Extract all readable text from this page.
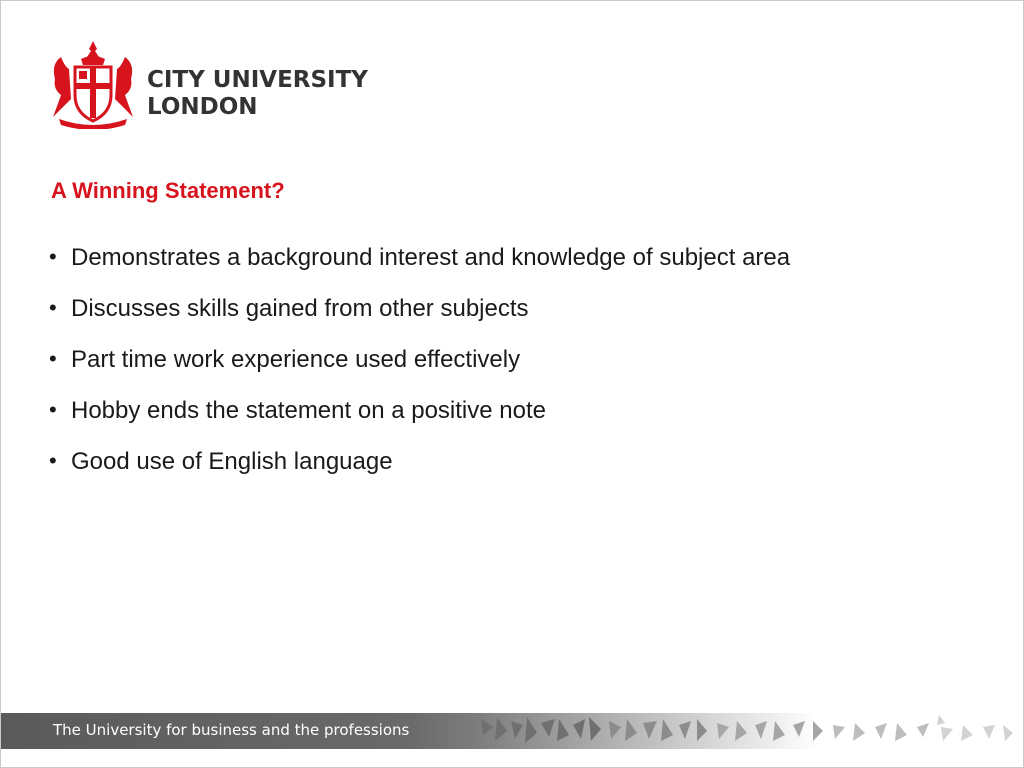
CITY UNIVERSITY
LONDON
A Winning Statement?
• Demonstrates a background interest and knowledge of subject area
• Discusses skills gained from other subjects
• Part time work experience used effectively
• Hobby ends the statement on a positive note
• Good use of English language
The University for business and the professions
